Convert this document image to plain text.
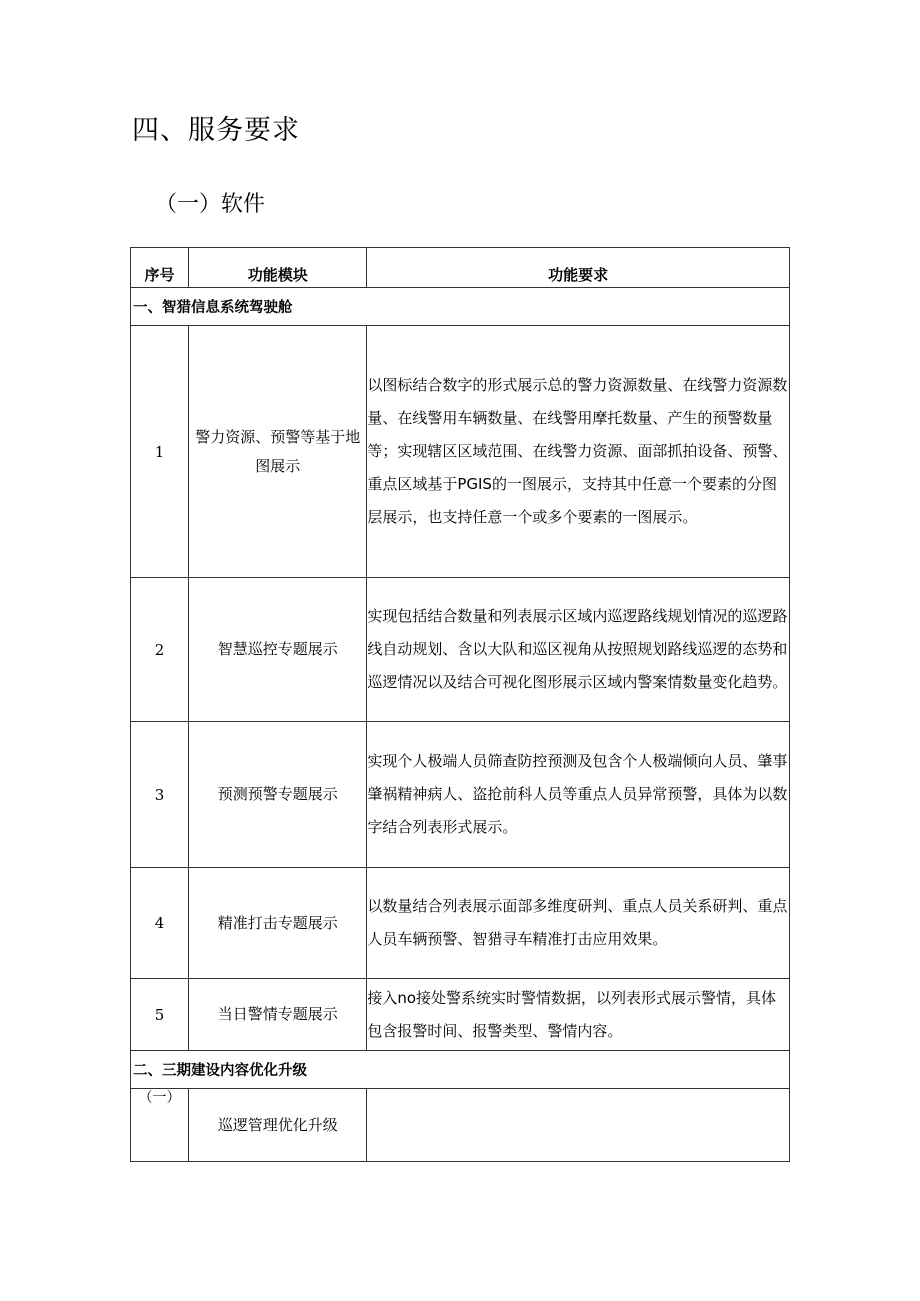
四、服务要求
（一）软件
序号	功能模块	功能要求
一、智猎信息系统驾驶舱		
1	警力资源、预警等基于地图展示	以图标结合数字的形式展示总的警力资源数量、在线警力资源数量、在线警用车辆数量、在线警用摩托数量、产生的预警数量等；实现辖区区域范围、在线警力资源、面部抓拍设备、预警、重点区域基于PGIS的一图展示，支持其中任意一个要素的分图层展示，也支持任意一个或多个要素的一图展示。
2	智慧巡控专题展示	实现包括结合数量和列表展示区域内巡逻路线规划情况的巡逻路线自动规划、含以大队和巡区视角从按照规划路线巡逻的态势和巡逻情况以及结合可视化图形展示区域内警案情数量变化趋势。
3	预测预警专题展示	实现个人极端人员筛查防控预测及包含个人极端倾向人员、肇事肇祸精神病人、盗抢前科人员等重点人员异常预警，具体为以数字结合列表形式展示。
4	精准打击专题展示	以数量结合列表展示面部多维度研判、重点人员关系研判、重点人员车辆预警、智猎寻车精准打击应用效果。
5	当日警情专题展示	接入no接处警系统实时警情数据，以列表形式展示警情，具体包含报警时间、报警类型、警情内容。
二、三期建设内容优化升级		
（一）	巡逻管理优化升级	
